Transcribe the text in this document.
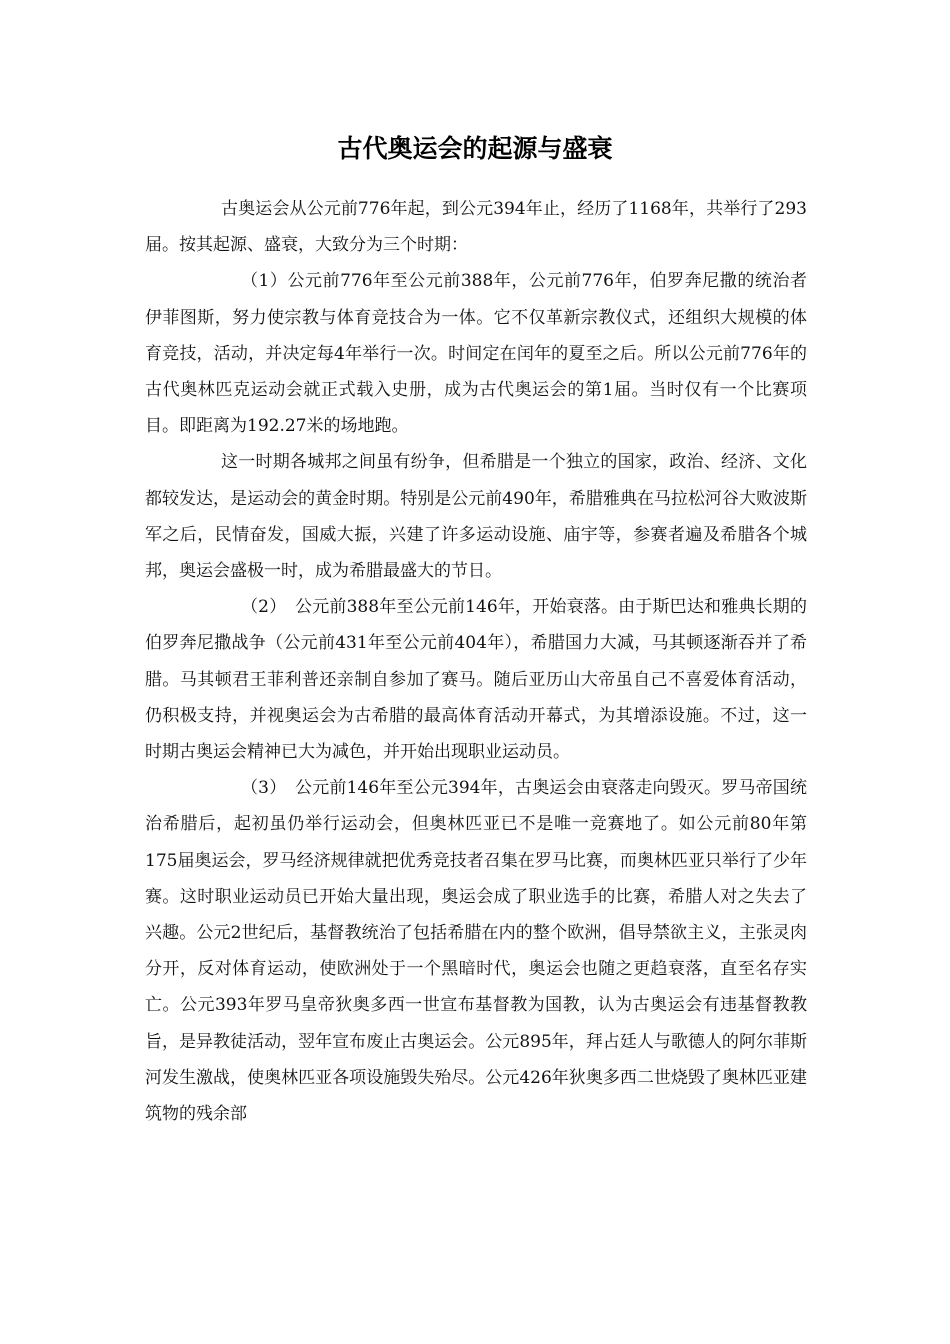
古代奥运会的起源与盛衰

古奥运会从公元前776年起，到公元394年止，经历了1168年，共举行了293届。按其起源、盛衰，大致分为三个时期：

（1）公元前776年至公元前388年，公元前776年，伯罗奔尼撒的统治者伊菲图斯，努力使宗教与体育竞技合为一体。它不仅革新宗教仪式，还组织大规模的体育竞技，活动，并决定每4年举行一次。时间定在闰年的夏至之后。所以公元前776年的古代奥林匹克运动会就正式载入史册，成为古代奥运会的第1届。当时仅有一个比赛项目。即距离为192.27米的场地跑。

这一时期各城邦之间虽有纷争，但希腊是一个独立的国家，政治、经济、文化都较发达，是运动会的黄金时期。特别是公元前490年，希腊雅典在马拉松河谷大败波斯军之后，民情奋发，国威大振，兴建了许多运动设施、庙宇等，参赛者遍及希腊各个城邦，奥运会盛极一时，成为希腊最盛大的节日。

（2）　公元前388年至公元前146年，开始衰落。由于斯巴达和雅典长期的伯罗奔尼撒战争（公元前431年至公元前404年），希腊国力大减，马其顿逐渐吞并了希腊。马其顿君王菲利普还亲制自参加了赛马。随后亚历山大帝虽自己不喜爱体育活动，仍积极支持，并视奥运会为古希腊的最高体育活动开幕式，为其增添设施。不过，这一时期古奥运会精神已大为减色，并开始出现职业运动员。

（3）　公元前146年至公元394年，古奥运会由衰落走向毁灭。罗马帝国统治希腊后，起初虽仍举行运动会，但奥林匹亚已不是唯一竞赛地了。如公元前80年第175届奥运会，罗马经济规律就把优秀竞技者召集在罗马比赛，而奥林匹亚只举行了少年赛。这时职业运动员已开始大量出现，奥运会成了职业选手的比赛，希腊人对之失去了兴趣。公元2世纪后，基督教统治了包括希腊在内的整个欧洲，倡导禁欲主义，主张灵肉分开，反对体育运动，使欧洲处于一个黑暗时代，奥运会也随之更趋衰落，直至名存实亡。公元393年罗马皇帝狄奥多西一世宣布基督教为国教，认为古奥运会有违基督教教旨，是异教徒活动，翌年宣布废止古奥运会。公元895年，拜占廷人与歌德人的阿尔菲斯河发生激战，使奥林匹亚各项设施毁失殆尽。公元426年狄奥多西二世烧毁了奥林匹亚建筑物的残余部
